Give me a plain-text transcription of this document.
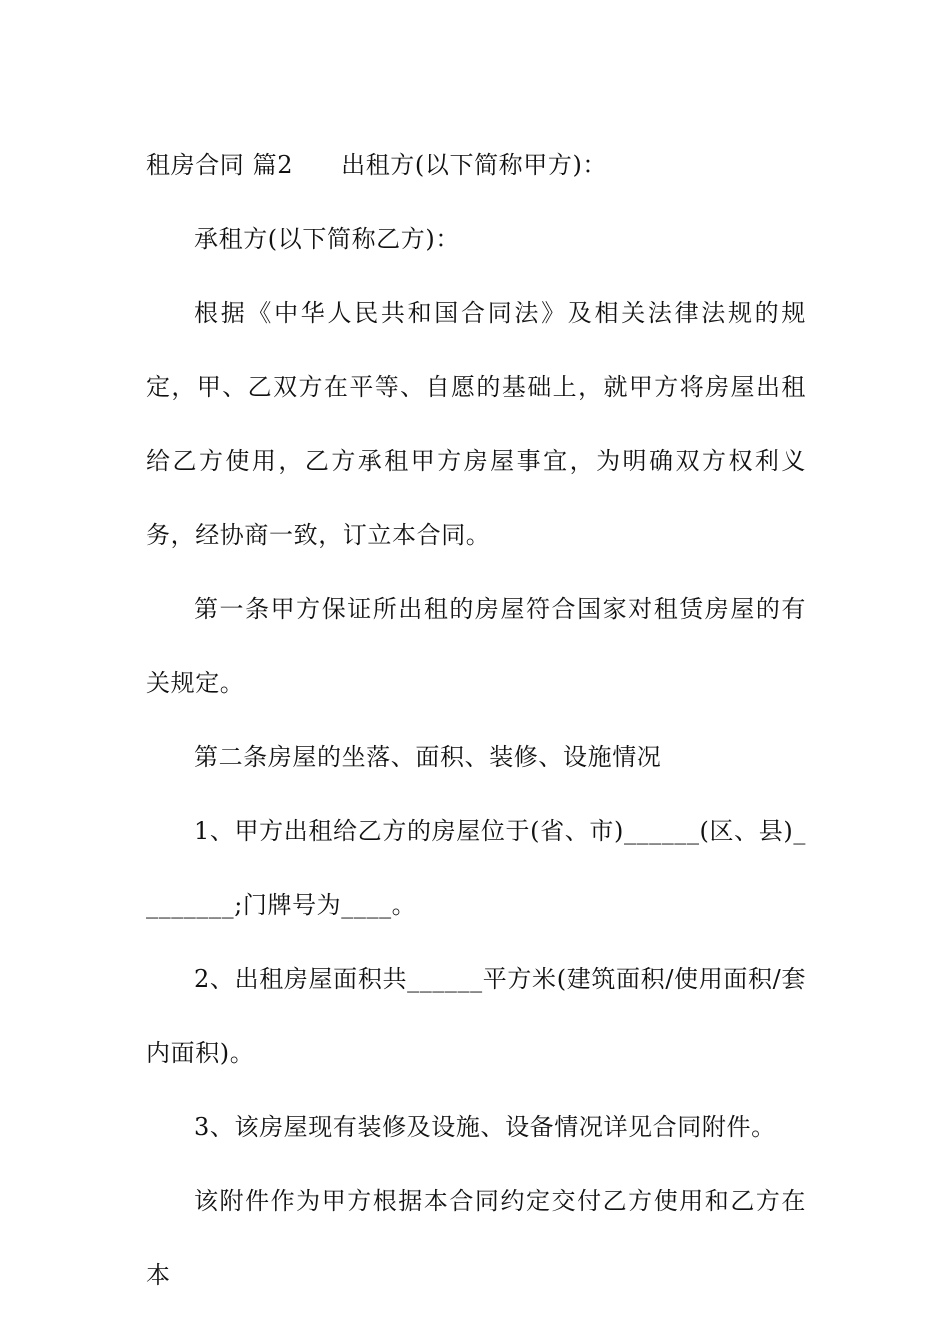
租房合同 篇2 出租方(以下简称甲方)：

承租方(以下简称乙方)：

根据《中华人民共和国合同法》及相关法律法规的规定，甲、乙双方在平等、自愿的基础上，就甲方将房屋出租给乙方使用，乙方承租甲方房屋事宜，为明确双方权利义务，经协商一致，订立本合同。

第一条甲方保证所出租的房屋符合国家对租赁房屋的有关规定。

第二条房屋的坐落、面积、装修、设施情况

1、甲方出租给乙方的房屋位于(省、市)______(区、县)________;门牌号为____。

2、出租房屋面积共______平方米(建筑面积/使用面积/套内面积)。

3、该房屋现有装修及设施、设备情况详见合同附件。

该附件作为甲方根据本合同约定交付乙方使用和乙方在本
